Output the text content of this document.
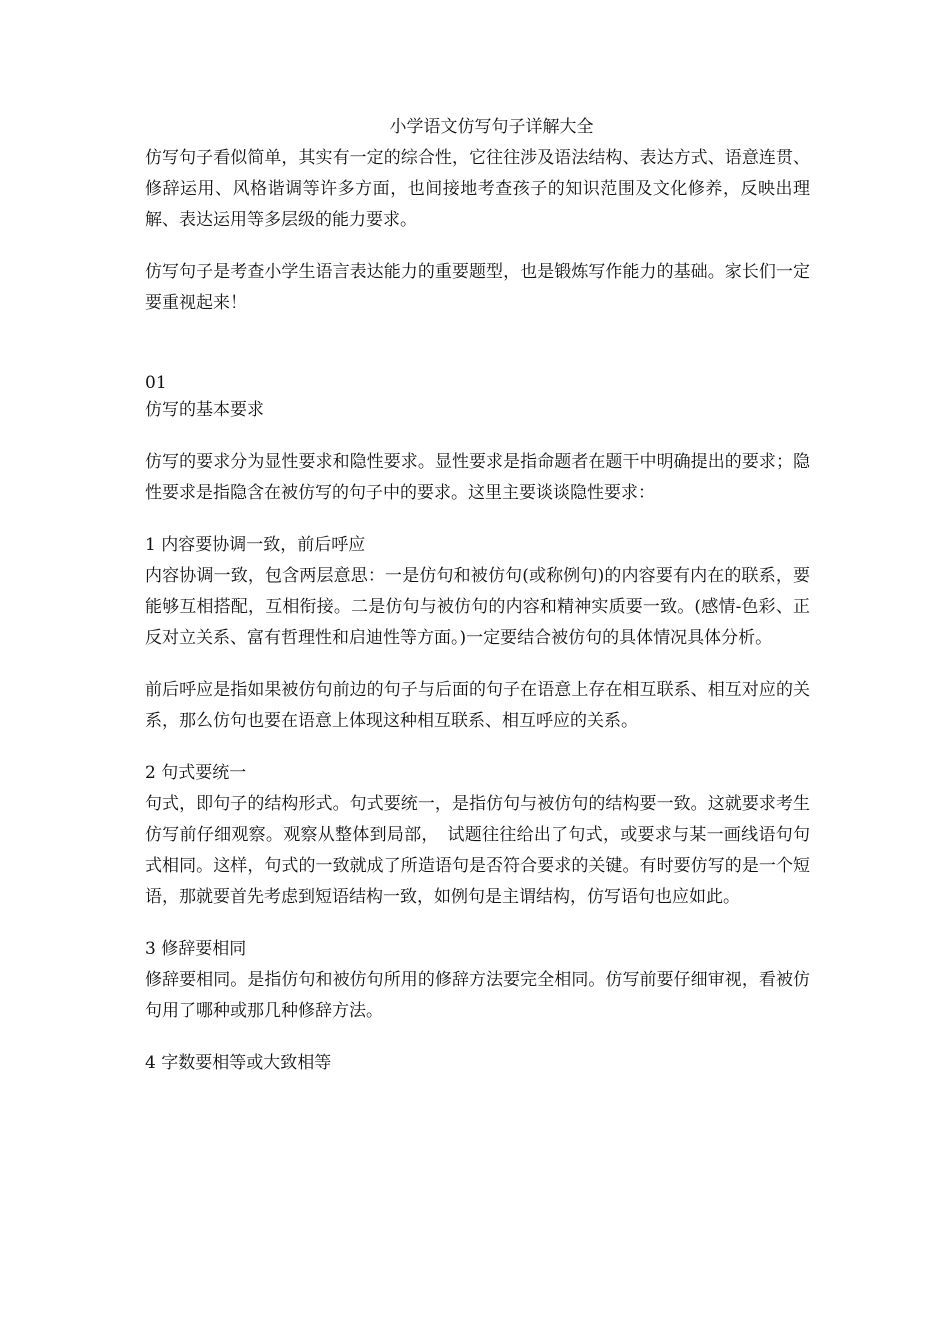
小学语文仿写句子详解大全

仿写句子看似简单，其实有一定的综合性，它往往涉及语法结构、表达方式、语意连贯、修辞运用、风格谐调等许多方面，也间接地考查孩子的知识范围及文化修养，反映出理解、表达运用等多层级的能力要求。

仿写句子是考查小学生语言表达能力的重要题型，也是锻炼写作能力的基础。家长们一定要重视起来！

01

仿写的基本要求

仿写的要求分为显性要求和隐性要求。显性要求是指命题者在题干中明确提出的要求；隐性要求是指隐含在被仿写的句子中的要求。这里主要谈谈隐性要求：

1 内容要协调一致，前后呼应

内容协调一致，包含两层意思：一是仿句和被仿句(或称例句)的内容要有内在的联系，要能够互相搭配，互相衔接。二是仿句与被仿句的内容和精神实质要一致。(感情-色彩、正反对立关系、富有哲理性和启迪性等方面。)一定要结合被仿句的具体情况具体分析。

前后呼应是指如果被仿句前边的句子与后面的句子在语意上存在相互联系、相互对应的关系，那么仿句也要在语意上体现这种相互联系、相互呼应的关系。

2 句式要统一

句式，即句子的结构形式。句式要统一，是指仿句与被仿句的结构要一致。这就要求考生仿写前仔细观察。观察从整体到局部，　试题往往给出了句式，或要求与某一画线语句句式相同。这样，句式的一致就成了所造语句是否符合要求的关键。有时要仿写的是一个短语，那就要首先考虑到短语结构一致，如例句是主谓结构，仿写语句也应如此。

3 修辞要相同

修辞要相同。是指仿句和被仿句所用的修辞方法要完全相同。仿写前要仔细审视，看被仿句用了哪种或那几种修辞方法。

4 字数要相等或大致相等
